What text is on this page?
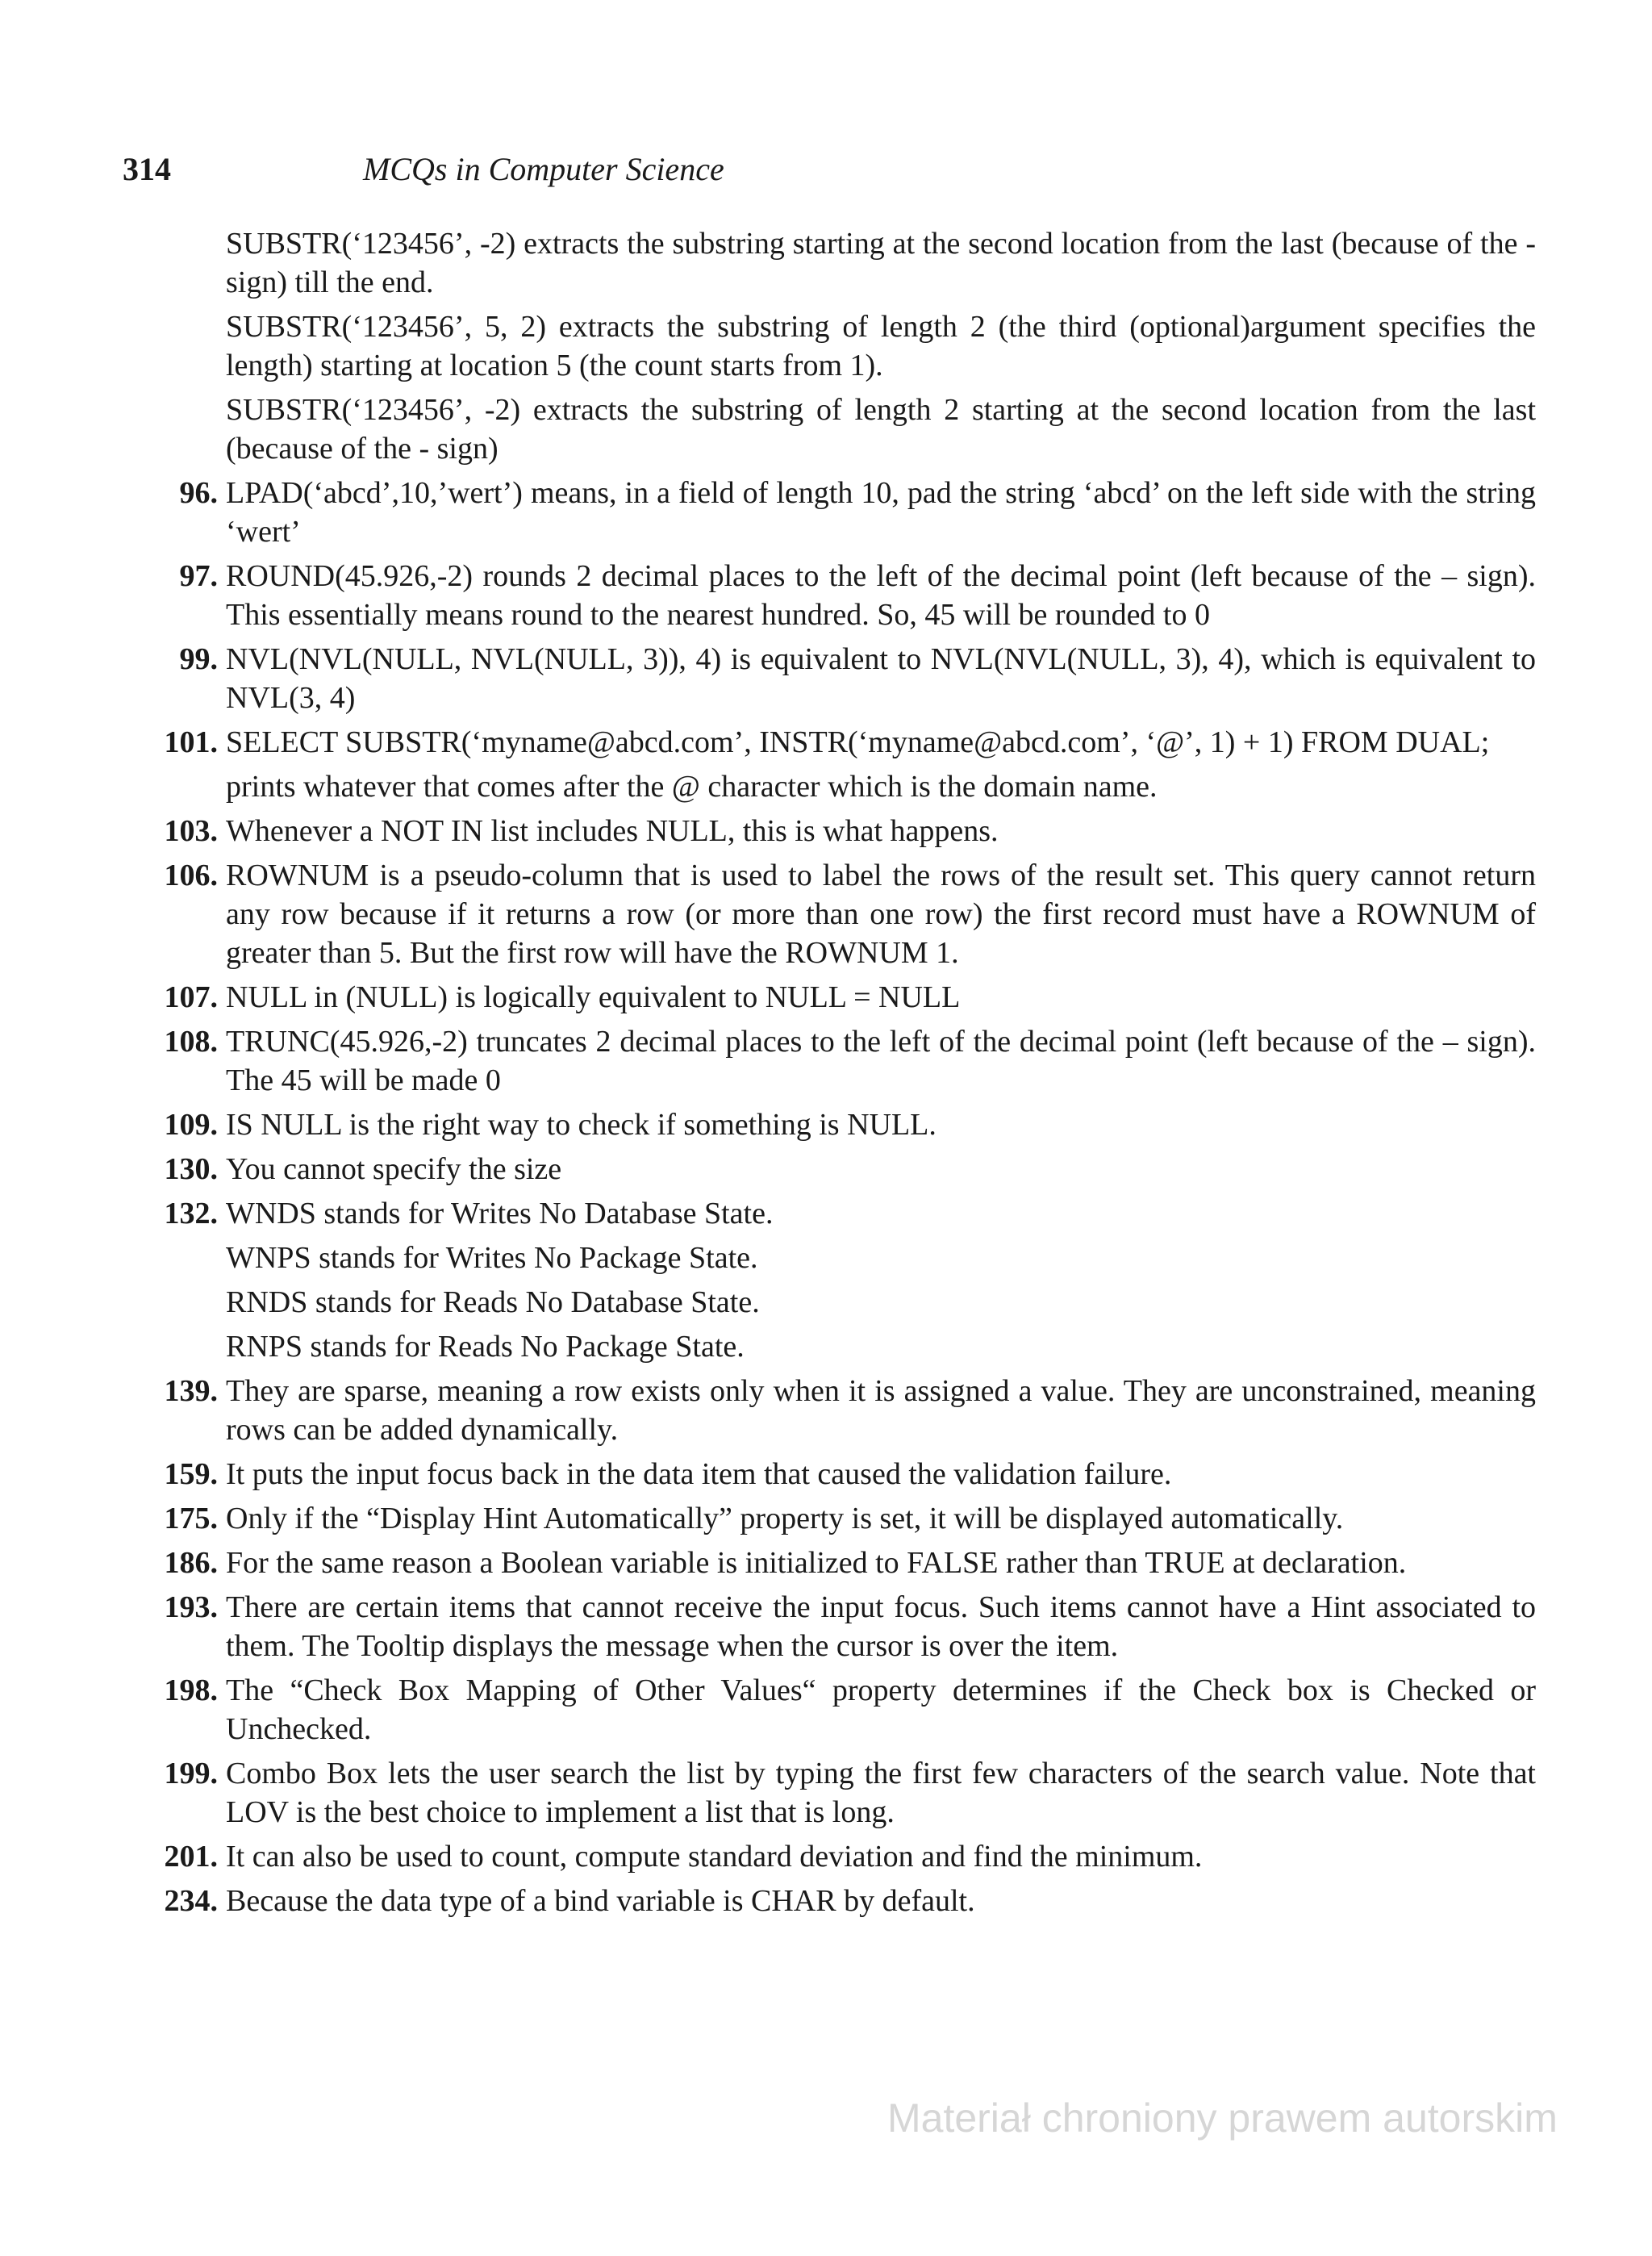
314	MCQs in Computer Science
SUBSTR(‘123456’, -2) extracts the substring starting at the second location from the last (because of the - sign) till the end.
SUBSTR(‘123456’, 5, 2) extracts the substring of length 2 (the third (optional)argument specifies the length) starting at location 5 (the count starts from 1).
SUBSTR(‘123456’, -2) extracts the substring of length 2 starting at the second location from the last (because of the - sign)
96. LPAD(‘abcd’,10,’wert’) means, in a field of length 10, pad the string ‘abcd’ on the left side with the string ‘wert’
97. ROUND(45.926,-2) rounds 2 decimal places to the left of the decimal point (left because of the – sign). This essentially means round to the nearest hundred. So, 45 will be rounded to 0
99. NVL(NVL(NULL, NVL(NULL, 3)), 4) is equivalent to NVL(NVL(NULL, 3), 4), which is equivalent to NVL(3, 4)
101. SELECT SUBSTR(‘myname@abcd.com’, INSTR(‘myname@abcd.com’, ‘@’, 1) + 1) FROM DUAL;
prints whatever that comes after the @ character which is the domain name.
103. Whenever a NOT IN list includes NULL, this is what happens.
106. ROWNUM is a pseudo-column that is used to label the rows of the result set. This query cannot return any row because if it returns a row (or more than one row) the first record must have a ROWNUM of greater than 5. But the first row will have the ROWNUM 1.
107. NULL in (NULL) is logically equivalent to NULL = NULL
108. TRUNC(45.926,-2) truncates 2 decimal places to the left of the decimal point (left because of the – sign). The 45 will be made 0
109. IS NULL is the right way to check if something is NULL.
130. You cannot specify the size
132. WNDS stands for Writes No Database State.
WNPS stands for Writes No Package State.
RNDS stands for Reads No Database State.
RNPS stands for Reads No Package State.
139. They are sparse, meaning a row exists only when it is assigned a value. They are unconstrained, meaning rows can be added dynamically.
159. It puts the input focus back in the data item that caused the validation failure.
175. Only if the “Display Hint Automatically” property is set, it will be displayed automatically.
186. For the same reason a Boolean variable is initialized to FALSE rather than TRUE at declaration.
193. There are certain items that cannot receive the input focus. Such items cannot have a Hint associated to them. The Tooltip displays the message when the cursor is over the item.
198. The “Check Box Mapping of Other Values“ property determines if the Check box is Checked or Unchecked.
199. Combo Box lets the user search the list by typing the first few characters of the search value. Note that LOV is the best choice to implement a list that is long.
201. It can also be used to count, compute standard deviation and find the minimum.
234. Because the data type of a bind variable is CHAR by default.
Materiał chroniony prawem autorskim
